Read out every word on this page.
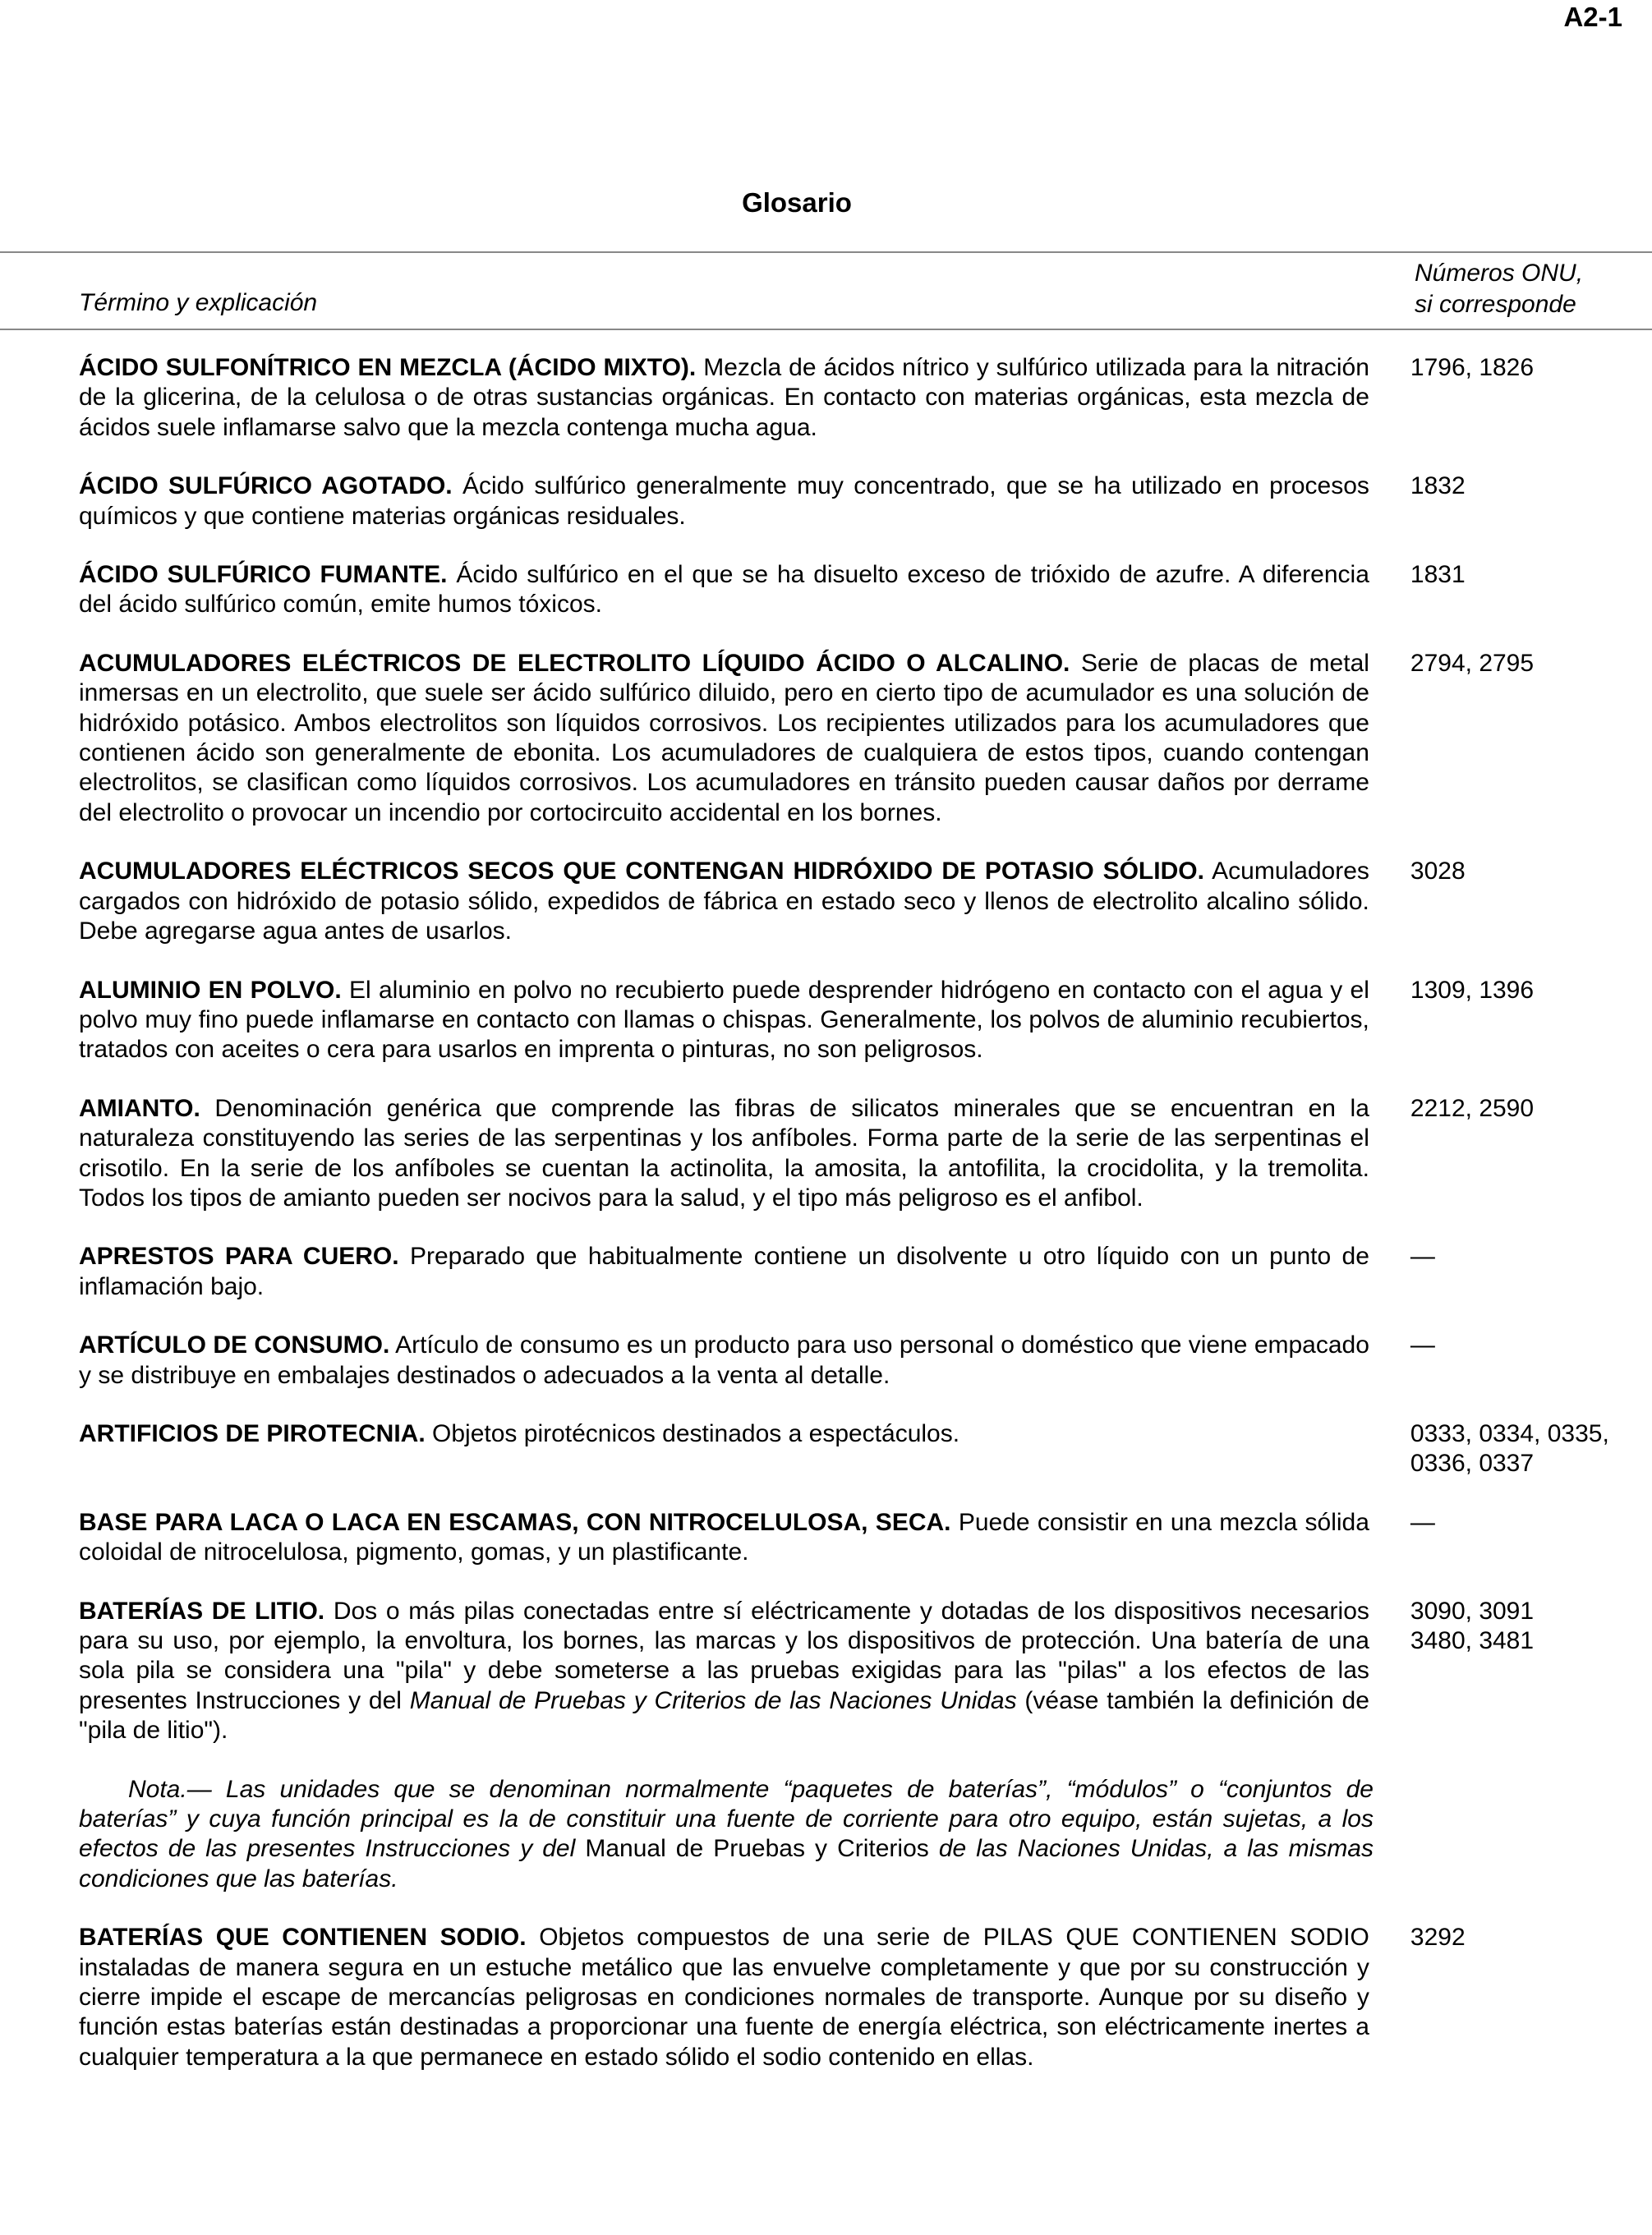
A2-1
Glosario
Término y explicación
Números ONU,
si corresponde
ÁCIDO SULFONÍTRICO EN MEZCLA (ÁCIDO MIXTO). Mezcla de ácidos nítrico y sulfúrico utilizada para la nitración de la glicerina, de la celulosa o de otras sustancias orgánicas. En contacto con materias orgánicas, esta mezcla de ácidos suele inflamarse salvo que la mezcla contenga mucha agua.
1796, 1826
ÁCIDO SULFÚRICO AGOTADO. Ácido sulfúrico generalmente muy concentrado, que se ha utilizado en procesos químicos y que contiene materias orgánicas residuales.
1832
ÁCIDO SULFÚRICO FUMANTE. Ácido sulfúrico en el que se ha disuelto exceso de trióxido de azufre. A diferencia del ácido sulfúrico común, emite humos tóxicos.
1831
ACUMULADORES ELÉCTRICOS DE ELECTROLITO LÍQUIDO ÁCIDO O ALCALINO. Serie de placas de metal inmersas en un electrolito, que suele ser ácido sulfúrico diluido, pero en cierto tipo de acumulador es una solución de hidróxido potásico. Ambos electrolitos son líquidos corrosivos. Los recipientes utilizados para los acumuladores que contienen ácido son generalmente de ebonita. Los acumuladores de cualquiera de estos tipos, cuando contengan electrolitos, se clasifican como líquidos corrosivos. Los acumuladores en tránsito pueden causar daños por derrame del electrolito o provocar un incendio por cortocircuito accidental en los bornes.
2794, 2795
ACUMULADORES ELÉCTRICOS SECOS QUE CONTENGAN HIDRÓXIDO DE POTASIO SÓLIDO. Acumuladores cargados con hidróxido de potasio sólido, expedidos de fábrica en estado seco y llenos de electrolito alcalino sólido. Debe agregarse agua antes de usarlos.
3028
ALUMINIO EN POLVO. El aluminio en polvo no recubierto puede desprender hidrógeno en contacto con el agua y el polvo muy fino puede inflamarse en contacto con llamas o chispas. Generalmente, los polvos de aluminio recubiertos, tratados con aceites o cera para usarlos en imprenta o pinturas, no son peligrosos.
1309, 1396
AMIANTO. Denominación genérica que comprende las fibras de silicatos minerales que se encuentran en la naturaleza constituyendo las series de las serpentinas y los anfíboles. Forma parte de la serie de las serpentinas el crisotilo. En la serie de los anfíboles se cuentan la actinolita, la amosita, la antofilita, la crocidolita, y la tremolita. Todos los tipos de amianto pueden ser nocivos para la salud, y el tipo más peligroso es el anfibol.
2212, 2590
APRESTOS PARA CUERO. Preparado que habitualmente contiene un disolvente u otro líquido con un punto de inflamación bajo.
—
ARTÍCULO DE CONSUMO. Artículo de consumo es un producto para uso personal o doméstico que viene empacado y se distribuye en embalajes destinados o adecuados a la venta al detalle.
—
ARTIFICIOS DE PIROTECNIA. Objetos pirotécnicos destinados a espectáculos.	0333, 0334, 0335, 0336, 0337
BASE PARA LACA O LACA EN ESCAMAS, CON NITROCELULOSA, SECA. Puede consistir en una mezcla sólida coloidal de nitrocelulosa, pigmento, gomas, y un plastificante.
—
BATERÍAS DE LITIO. Dos o más pilas conectadas entre sí eléctricamente y dotadas de los dispositivos necesarios para su uso, por ejemplo, la envoltura, los bornes, las marcas y los dispositivos de protección. Una batería de una sola pila se considera una "pila" y debe someterse a las pruebas exigidas para las "pilas" a los efectos de las presentes Instrucciones y del Manual de Pruebas y Criterios de las Naciones Unidas (véase también la definición de "pila de litio").
3090, 3091
3480, 3481
Nota.— Las unidades que se denominan normalmente “paquetes de baterías”, “módulos” o “conjuntos de baterías” y cuya función principal es la de constituir una fuente de corriente para otro equipo, están sujetas, a los efectos de las presentes Instrucciones y del Manual de Pruebas y Criterios de las Naciones Unidas, a las mismas condiciones que las baterías.
BATERÍAS QUE CONTIENEN SODIO. Objetos compuestos de una serie de PILAS QUE CONTIENEN SODIO instaladas de manera segura en un estuche metálico que las envuelve completamente y que por su construcción y cierre impide el escape de mercancías peligrosas en condiciones normales de transporte. Aunque por su diseño y función estas baterías están destinadas a proporcionar una fuente de energía eléctrica, son eléctricamente inertes a cualquier temperatura a la que permanece en estado sólido el sodio contenido en ellas.
3292
